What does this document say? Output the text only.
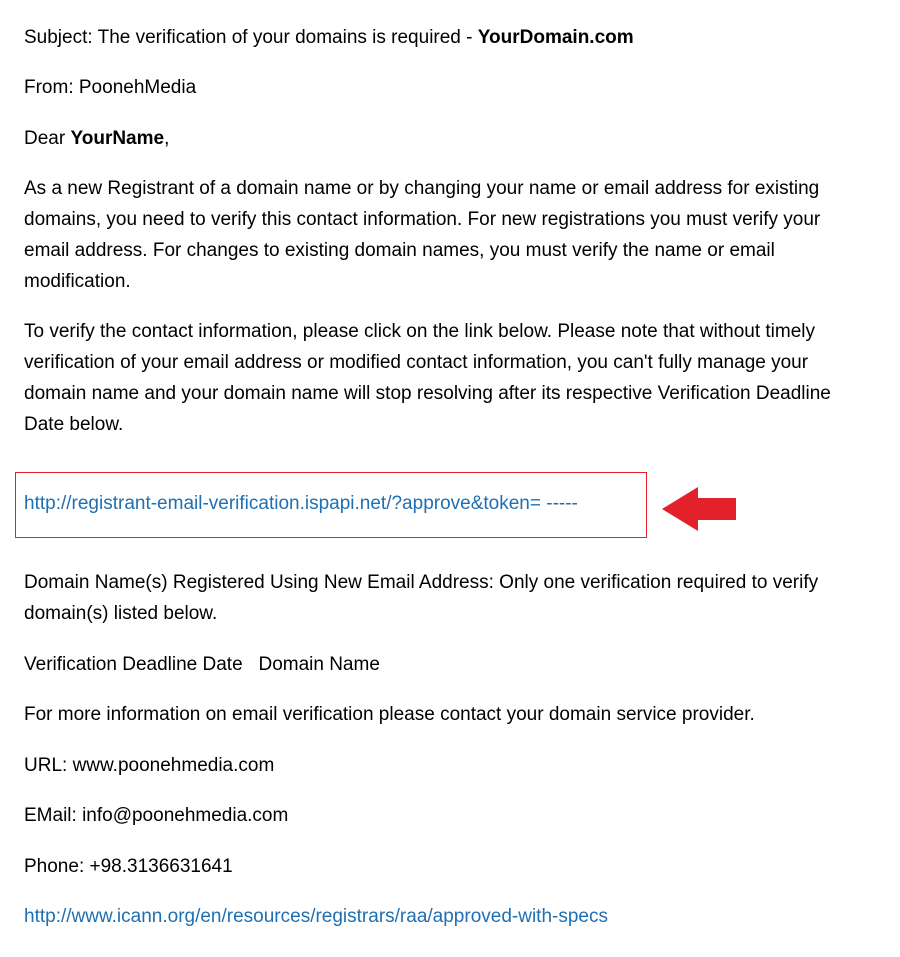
Subject: The verification of your domains is required - YourDomain.com
From: PoonehMedia
Dear YourName,
As a new Registrant of a domain name or by changing your name or email address for existing
domains, you need to verify this contact information. For new registrations you must verify your
email address. For changes to existing domain names, you must verify the name or email
modification.
To verify the contact information, please click on the link below. Please note that without timely
verification of your email address or modified contact information, you can't fully manage your
domain name and your domain name will stop resolving after its respective Verification Deadline
Date below.
http://registrant-email-verification.ispapi.net/?approve&token= -----
Domain Name(s) Registered Using New Email Address: Only one verification required to verify
domain(s) listed below.
Verification Deadline Date   Domain Name
For more information on email verification please contact your domain service provider.
URL: www.poonehmedia.com
EMail: info@poonehmedia.com
Phone: +98.3136631641
http://www.icann.org/en/resources/registrars/raa/approved-with-specs
